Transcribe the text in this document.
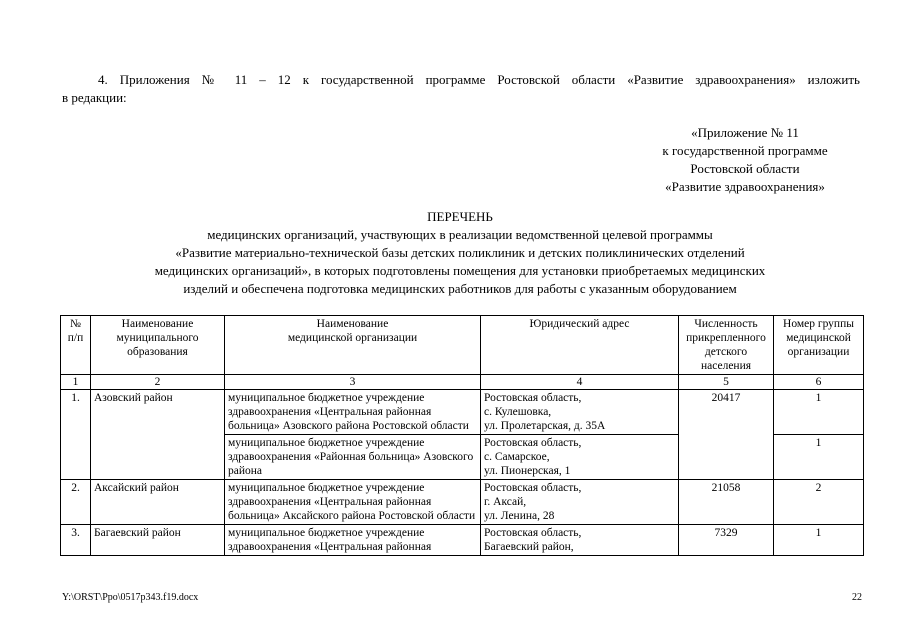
4. Приложения № 11 – 12 к государственной программе Ростовской области «Развитие здравоохранения» изложить
в редакции:
«Приложение № 11
к государственной программе
Ростовской области
«Развитие здравоохранения»
ПЕРЕЧЕНЬ
медицинских организаций, участвующих в реализации ведомственной целевой программы
«Развитие материально-технической базы детских поликлиник и детских поликлинических отделений
медицинских организаций», в которых подготовлены помещения для установки приобретаемых медицинских
изделий и обеспечена подготовка медицинских работников для работы с указанным оборудованием
№
п/п	Наименование
муниципального
образования	Наименование
медицинской организации	Юридический адрес	Численность
прикрепленного
детского
населения	Номер группы
медицинской
организации
1	2	3	4	5	6
1.	Азовский район	муниципальное бюджетное учреждение здравоохранения «Центральная районная больница» Азовского района Ростовской области	Ростовская область,
с. Кулешовка,
ул. Пролетарская, д. 35А	20417	1
		муниципальное бюджетное учреждение здравоохранения «Районная больница» Азовского района	Ростовская область,
с. Самарское,
ул. Пионерская, 1		1
2.	Аксайский район	муниципальное бюджетное учреждение здравоохранения «Центральная районная больница» Аксайского района Ростовской области	Ростовская область,
г. Аксай,
ул. Ленина, 28	21058	2
3.	Багаевский район	муниципальное бюджетное учреждение здравоохранения «Центральная районная	Ростовская область,
Багаевский район,	7329	1
Y:\ORST\Ppo\0517p343.f19.docx	22
